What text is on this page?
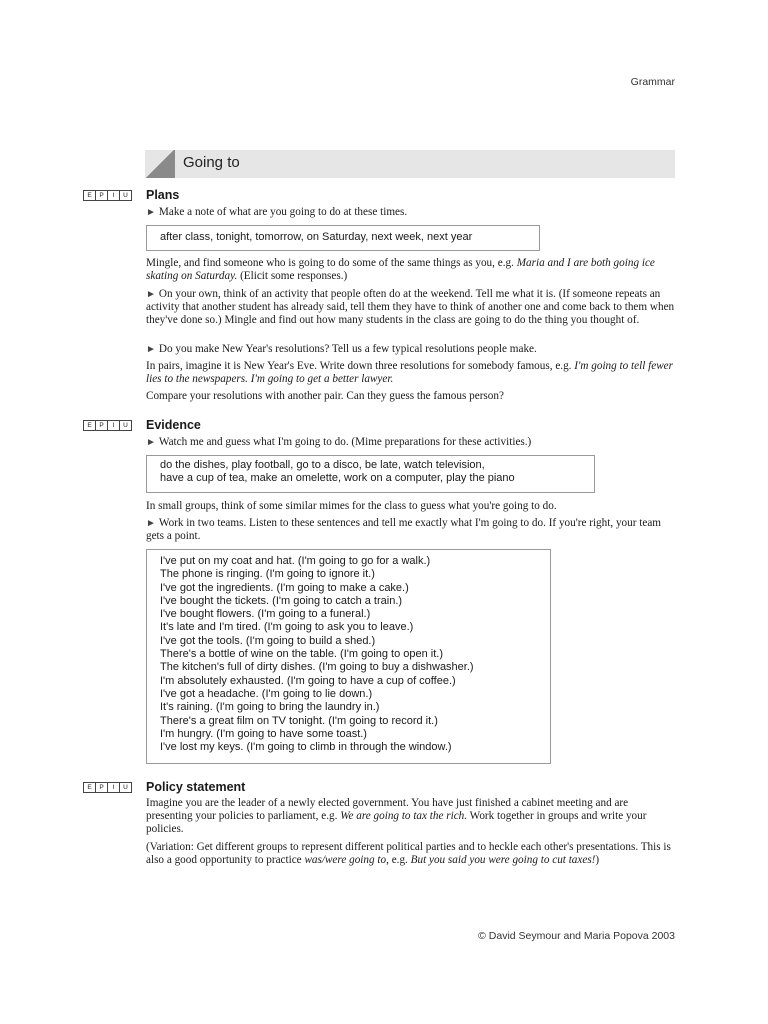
Grammar
Going to
E	P	I	U Plans
► Make a note of what are you going to do at these times.
after class, tonight, tomorrow, on Saturday, next week, next year
Mingle, and find someone who is going to do some of the same things as you, e.g. Maria and I are both going ice skating on Saturday. (Elicit some responses.)
► On your own, think of an activity that people often do at the weekend. Tell me what it is. (If someone repeats an activity that another student has already said, tell them they have to think of another one and come back to them when they've done so.) Mingle and find out how many students in the class are going to do the thing you thought of.
► Do you make New Year's resolutions? Tell us a few typical resolutions people make.
In pairs, imagine it is New Year's Eve. Write down three resolutions for somebody famous, e.g. I'm going to tell fewer lies to the newspapers. I'm going to get a better lawyer.
Compare your resolutions with another pair. Can they guess the famous person?
E	P	I	U Evidence
► Watch me and guess what I'm going to do. (Mime preparations for these activities.)
do the dishes, play football, go to a disco, be late, watch television,
have a cup of tea, make an omelette, work on a computer, play the piano
In small groups, think of some similar mimes for the class to guess what you're going to do.
► Work in two teams. Listen to these sentences and tell me exactly what I'm going to do. If you're right, your team gets a point.
I've put on my coat and hat. (I'm going to go for a walk.)
The phone is ringing. (I'm going to ignore it.)
I've got the ingredients. (I'm going to make a cake.)
I've bought the tickets. (I'm going to catch a train.)
I've bought flowers. (I'm going to a funeral.)
It's late and I'm tired. (I'm going to ask you to leave.)
I've got the tools. (I'm going to build a shed.)
There's a bottle of wine on the table. (I'm going to open it.)
The kitchen's full of dirty dishes. (I'm going to buy a dishwasher.)
I'm absolutely exhausted. (I'm going to have a cup of coffee.)
I've got a headache. (I'm going to lie down.)
It's raining. (I'm going to bring the laundry in.)
There's a great film on TV tonight. (I'm going to record it.)
I'm hungry. (I'm going to have some toast.)
I've lost my keys. (I'm going to climb in through the window.)
E	P	I	U Policy statement
Imagine you are the leader of a newly elected government. You have just finished a cabinet meeting and are presenting your policies to parliament, e.g. We are going to tax the rich. Work together in groups and write your policies.
(Variation: Get different groups to represent different political parties and to heckle each other's presentations. This is also a good opportunity to practice was/were going to, e.g. But you said you were going to cut taxes!)
© David Seymour and Maria Popova 2003
